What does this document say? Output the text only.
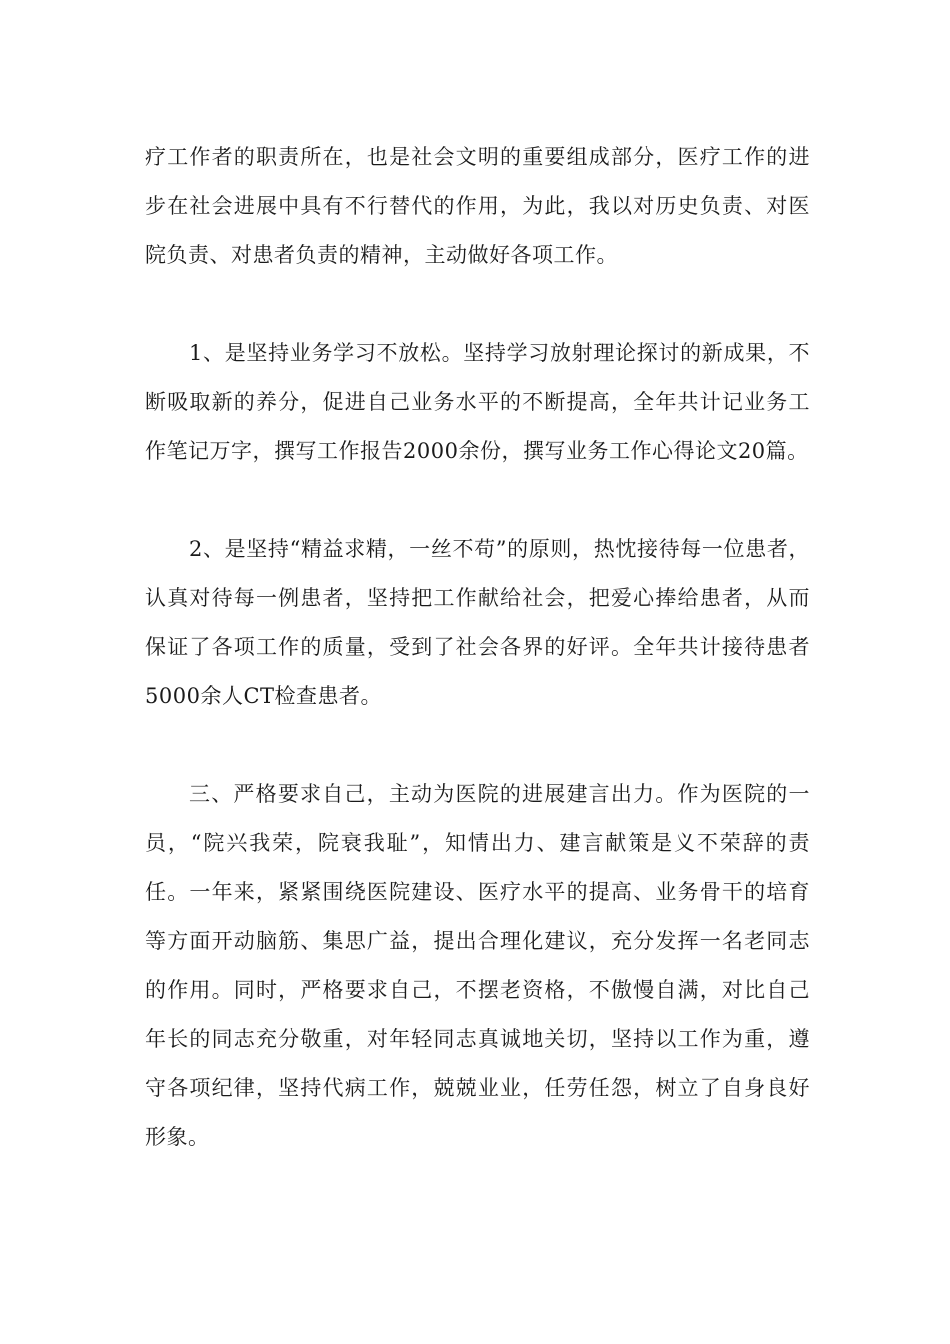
疗工作者的职责所在，也是社会文明的重要组成部分，医疗工作的进步在社会进展中具有不行替代的作用，为此，我以对历史负责、对医院负责、对患者负责的精神，主动做好各项工作。

1、是坚持业务学习不放松。坚持学习放射理论探讨的新成果，不断吸取新的养分，促进自己业务水平的不断提高，全年共计记业务工作笔记万字，撰写工作报告2000余份，撰写业务工作心得论文20篇。

2、是坚持“精益求精，一丝不苟”的原则，热忱接待每一位患者，认真对待每一例患者，坚持把工作献给社会，把爱心捧给患者，从而保证了各项工作的质量，受到了社会各界的好评。全年共计接待患者5000余人CT检查患者。

三、严格要求自己，主动为医院的进展建言出力。作为医院的一员，“院兴我荣，院衰我耻”，知情出力、建言献策是义不荣辞的责任。一年来，紧紧围绕医院建设、医疗水平的提高、业务骨干的培育等方面开动脑筋、集思广益，提出合理化建议，充分发挥一名老同志的作用。同时，严格要求自己，不摆老资格，不傲慢自满，对比自己年长的同志充分敬重，对年轻同志真诚地关切，坚持以工作为重，遵守各项纪律，坚持代病工作，兢兢业业，任劳任怨，树立了自身良好形象。
